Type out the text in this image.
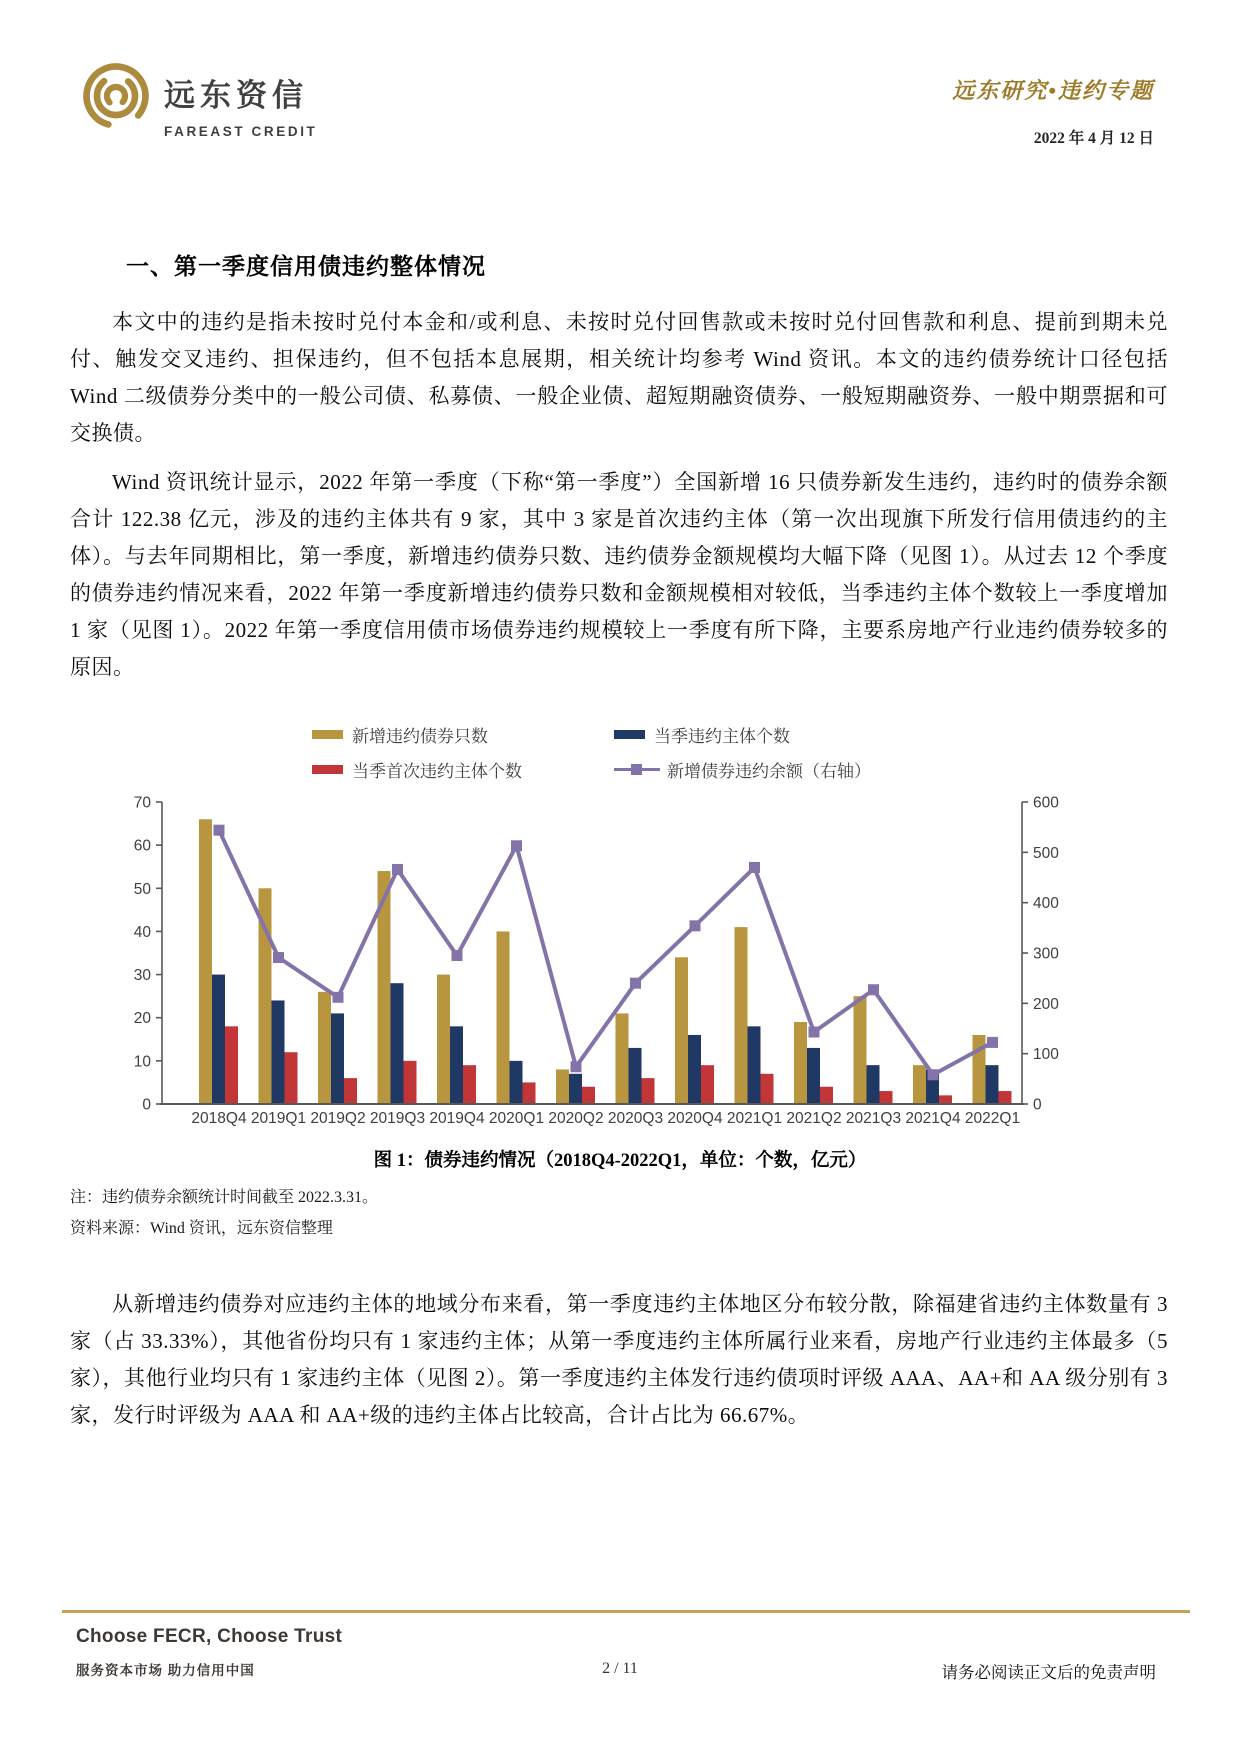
远东资信
FAREAST CREDIT
远东研究•违约专题
2022 年 4 月 12 日
一、第一季度信用债违约整体情况
本文中的违约是指未按时兑付本金和/或利息、未按时兑付回售款或未按时兑付回售款和利息、提前到期未兑付、触发交叉违约、担保违约，但不包括本息展期，相关统计均参考 Wind 资讯。本文的违约债券统计口径包括 Wind 二级债券分类中的一般公司债、私募债、一般企业债、超短期融资债券、一般短期融资券、一般中期票据和可交换债。
Wind 资讯统计显示，2022 年第一季度（下称“第一季度”）全国新增 16 只债券新发生违约，违约时的债券余额合计 122.38 亿元，涉及的违约主体共有 9 家，其中 3 家是首次违约主体（第一次出现旗下所发行信用债违约的主体）。与去年同期相比，第一季度，新增违约债券只数、违约债券金额规模均大幅下降（见图 1）。从过去 12 个季度的债券违约情况来看，2022 年第一季度新增违约债券只数和金额规模相对较低，当季违约主体个数较上一季度增加 1 家（见图 1）。2022 年第一季度信用债市场债券违约规模较上一季度有所下降，主要系房地产行业违约债券较多的原因。
新增违约债券只数	当季违约主体个数
当季首次违约主体个数	新增债券违约余额（右轴）
0
10
20
30
40
50
60
70
0
100
200
300
400
500
600
2018Q4 2019Q1 2019Q2 2019Q3 2019Q4 2020Q1 2020Q2 2020Q3 2020Q4 2021Q1 2021Q2 2021Q3 2021Q4 2022Q1
图 1：债券违约情况（2018Q4-2022Q1，单位：个数，亿元）
注：违约债券余额统计时间截至 2022.3.31。
资料来源：Wind 资讯，远东资信整理
从新增违约债券对应违约主体的地域分布来看，第一季度违约主体地区分布较分散，除福建省违约主体数量有 3 家（占 33.33%），其他省份均只有 1 家违约主体；从第一季度违约主体所属行业来看，房地产行业违约主体最多（5 家），其他行业均只有 1 家违约主体（见图 2）。第一季度违约主体发行违约债项时评级 AAA、AA+和 AA 级分别有 3 家，发行时评级为 AAA 和 AA+级的违约主体占比较高，合计占比为 66.67%。
Choose FECR, Choose Trust
服务资本市场 助力信用中国	2 / 11	请务必阅读正文后的免责声明
